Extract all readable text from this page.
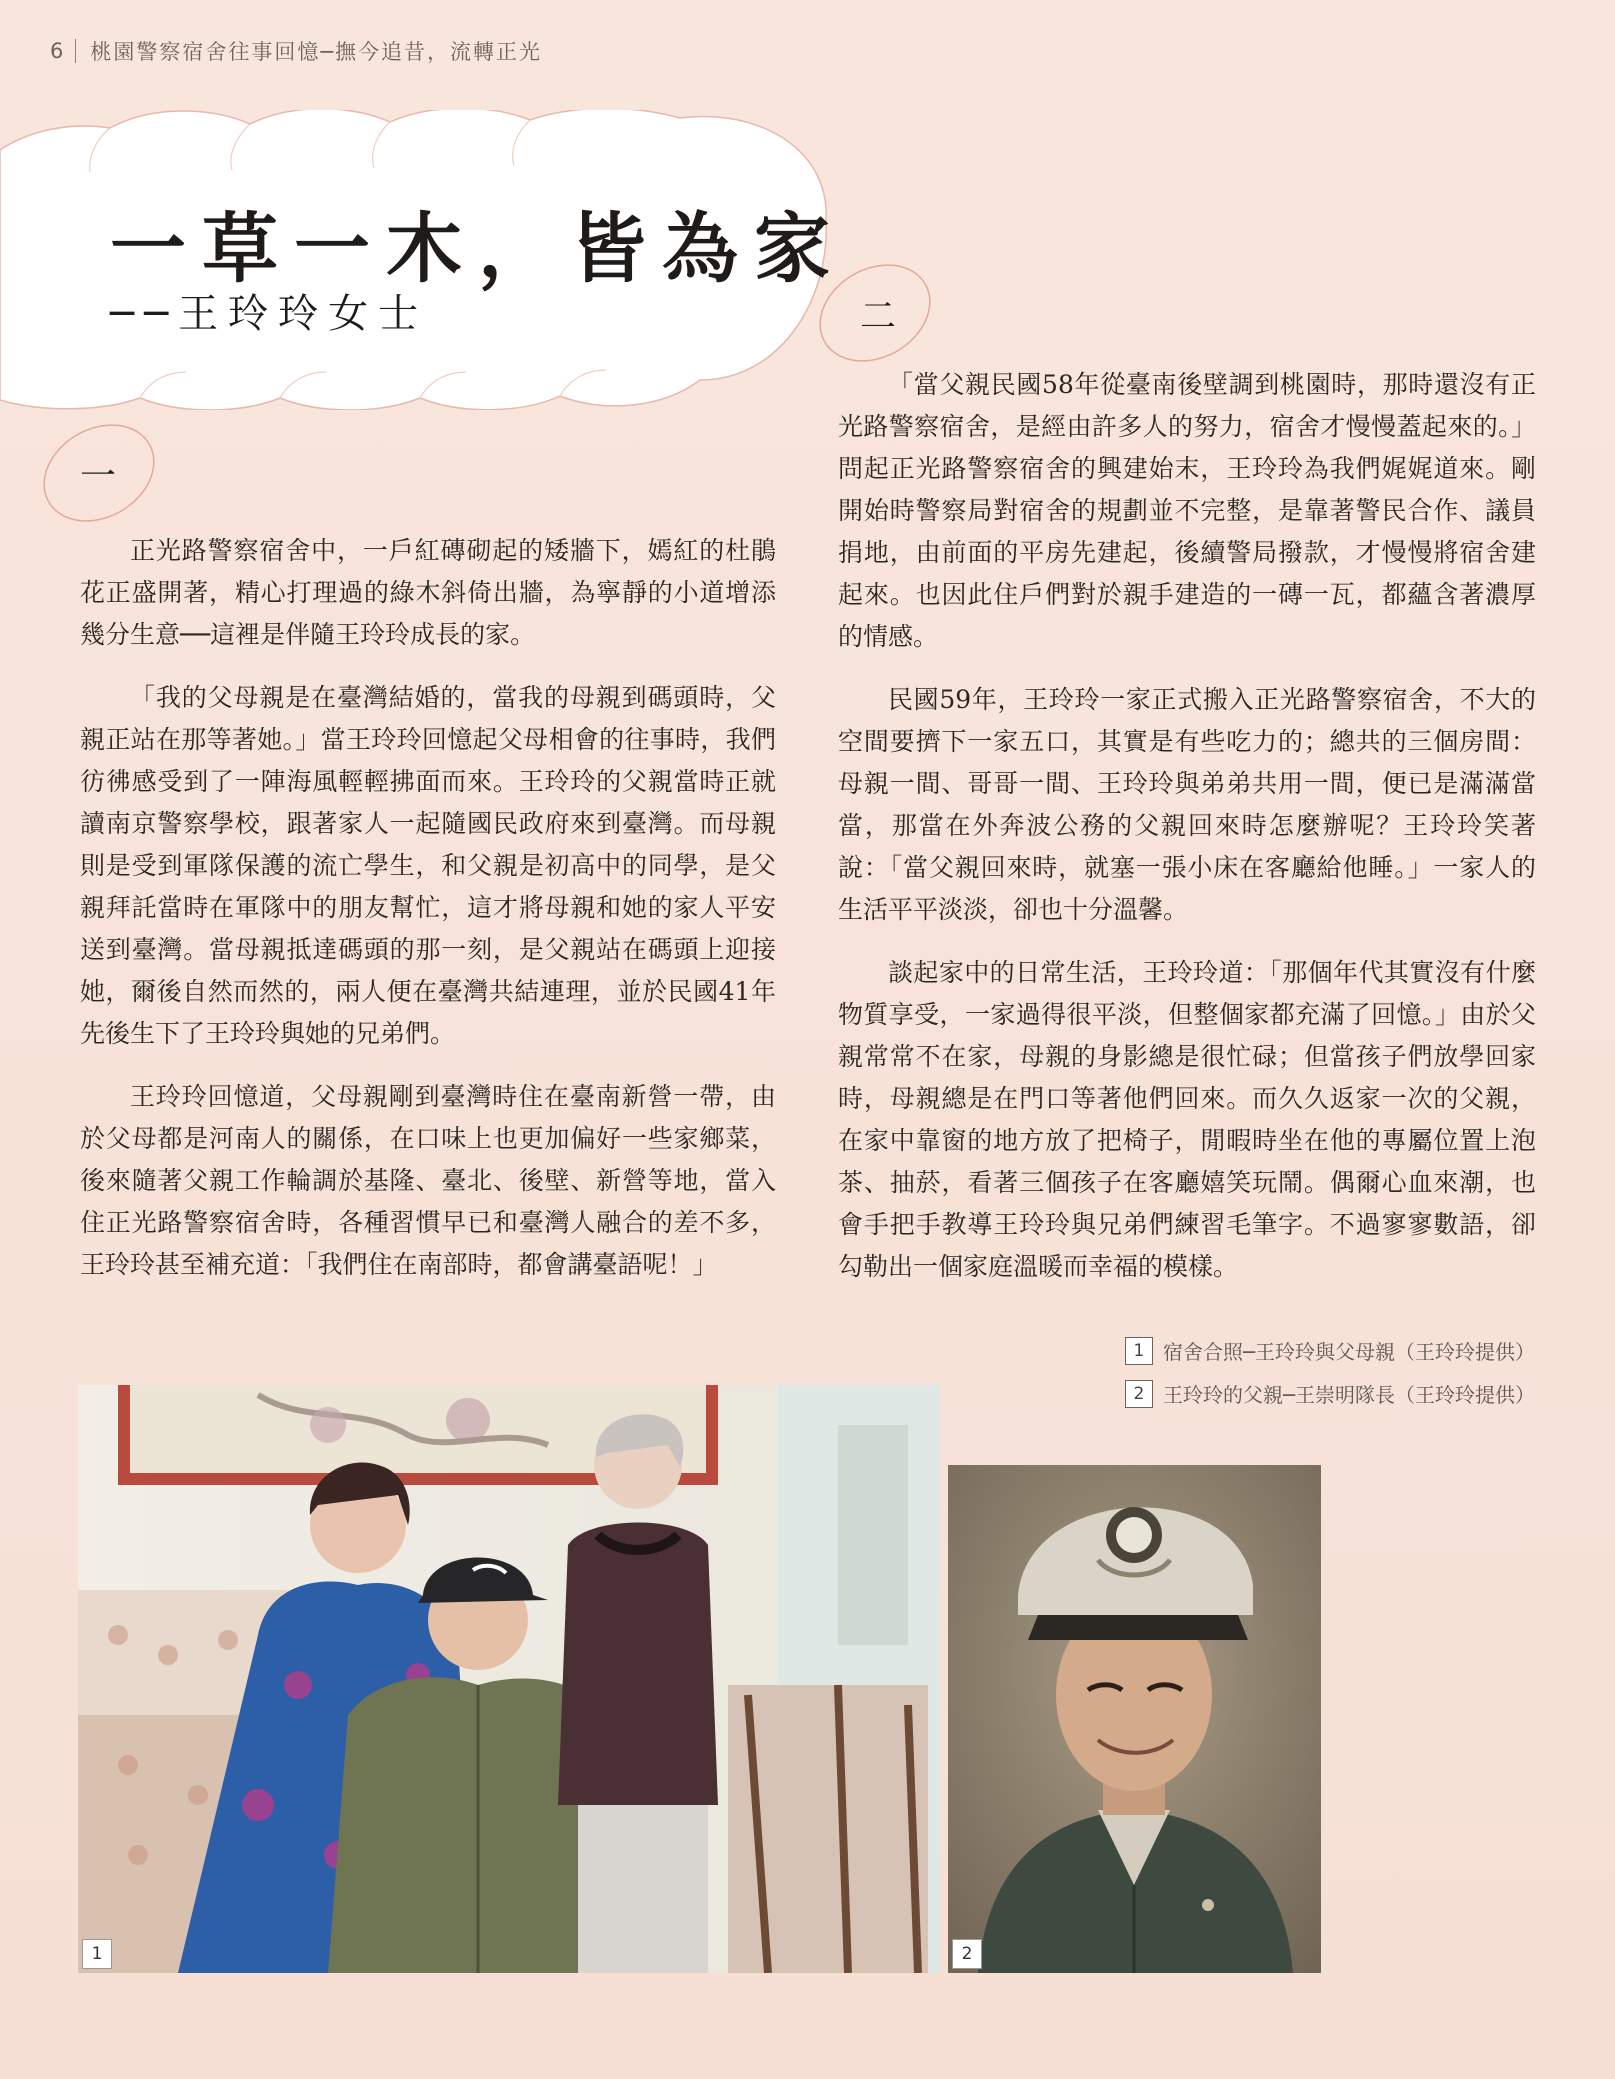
6 桃園警察宿舍往事回憶─撫今追昔，流轉正光
一草一木，皆為家
──王玲玲女士
一
二

正光路警察宿舍中，一戶紅磚砌起的矮牆下，嫣紅的杜鵑花正盛開著，精心打理過的綠木斜倚出牆，為寧靜的小道增添幾分生意──這裡是伴隨王玲玲成長的家。

「我的父母親是在臺灣結婚的，當我的母親到碼頭時，父親正站在那等著她。」當王玲玲回憶起父母相會的往事時，我們彷彿感受到了一陣海風輕輕拂面而來。王玲玲的父親當時正就讀南京警察學校，跟著家人一起隨國民政府來到臺灣。而母親則是受到軍隊保護的流亡學生，和父親是初高中的同學，是父親拜託當時在軍隊中的朋友幫忙，這才將母親和她的家人平安送到臺灣。當母親抵達碼頭的那一刻，是父親站在碼頭上迎接她，爾後自然而然的，兩人便在臺灣共結連理，並於民國41年先後生下了王玲玲與她的兄弟們。

王玲玲回憶道，父母親剛到臺灣時住在臺南新營一帶，由於父母都是河南人的關係，在口味上也更加偏好一些家鄉菜，後來隨著父親工作輪調於基隆、臺北、後壁、新營等地，當入住正光路警察宿舍時，各種習慣早已和臺灣人融合的差不多，王玲玲甚至補充道：「我們住在南部時，都會講臺語呢！」

「當父親民國58年從臺南後壁調到桃園時，那時還沒有正光路警察宿舍，是經由許多人的努力，宿舍才慢慢蓋起來的。」問起正光路警察宿舍的興建始末，王玲玲為我們娓娓道來。剛開始時警察局對宿舍的規劃並不完整，是靠著警民合作、議員捐地，由前面的平房先建起，後續警局撥款，才慢慢將宿舍建起來。也因此住戶們對於親手建造的一磚一瓦，都蘊含著濃厚的情感。

民國59年，王玲玲一家正式搬入正光路警察宿舍，不大的空間要擠下一家五口，其實是有些吃力的；總共的三個房間：母親一間、哥哥一間、王玲玲與弟弟共用一間，便已是滿滿當當，那當在外奔波公務的父親回來時怎麼辦呢？王玲玲笑著說：「當父親回來時，就塞一張小床在客廳給他睡。」一家人的生活平平淡淡，卻也十分溫馨。

談起家中的日常生活，王玲玲道：「那個年代其實沒有什麼物質享受，一家過得很平淡，但整個家都充滿了回憶。」由於父親常常不在家，母親的身影總是很忙碌；但當孩子們放學回家時，母親總是在門口等著他們回來。而久久返家一次的父親，在家中靠窗的地方放了把椅子，閒暇時坐在他的專屬位置上泡茶、抽菸，看著三個孩子在客廳嬉笑玩鬧。偶爾心血來潮，也會手把手教導王玲玲與兄弟們練習毛筆字。不過寥寥數語，卻勾勒出一個家庭溫暖而幸福的模樣。

1 宿舍合照─王玲玲與父母親（王玲玲提供）
2 王玲玲的父親─王崇明隊長（王玲玲提供）
1	2
